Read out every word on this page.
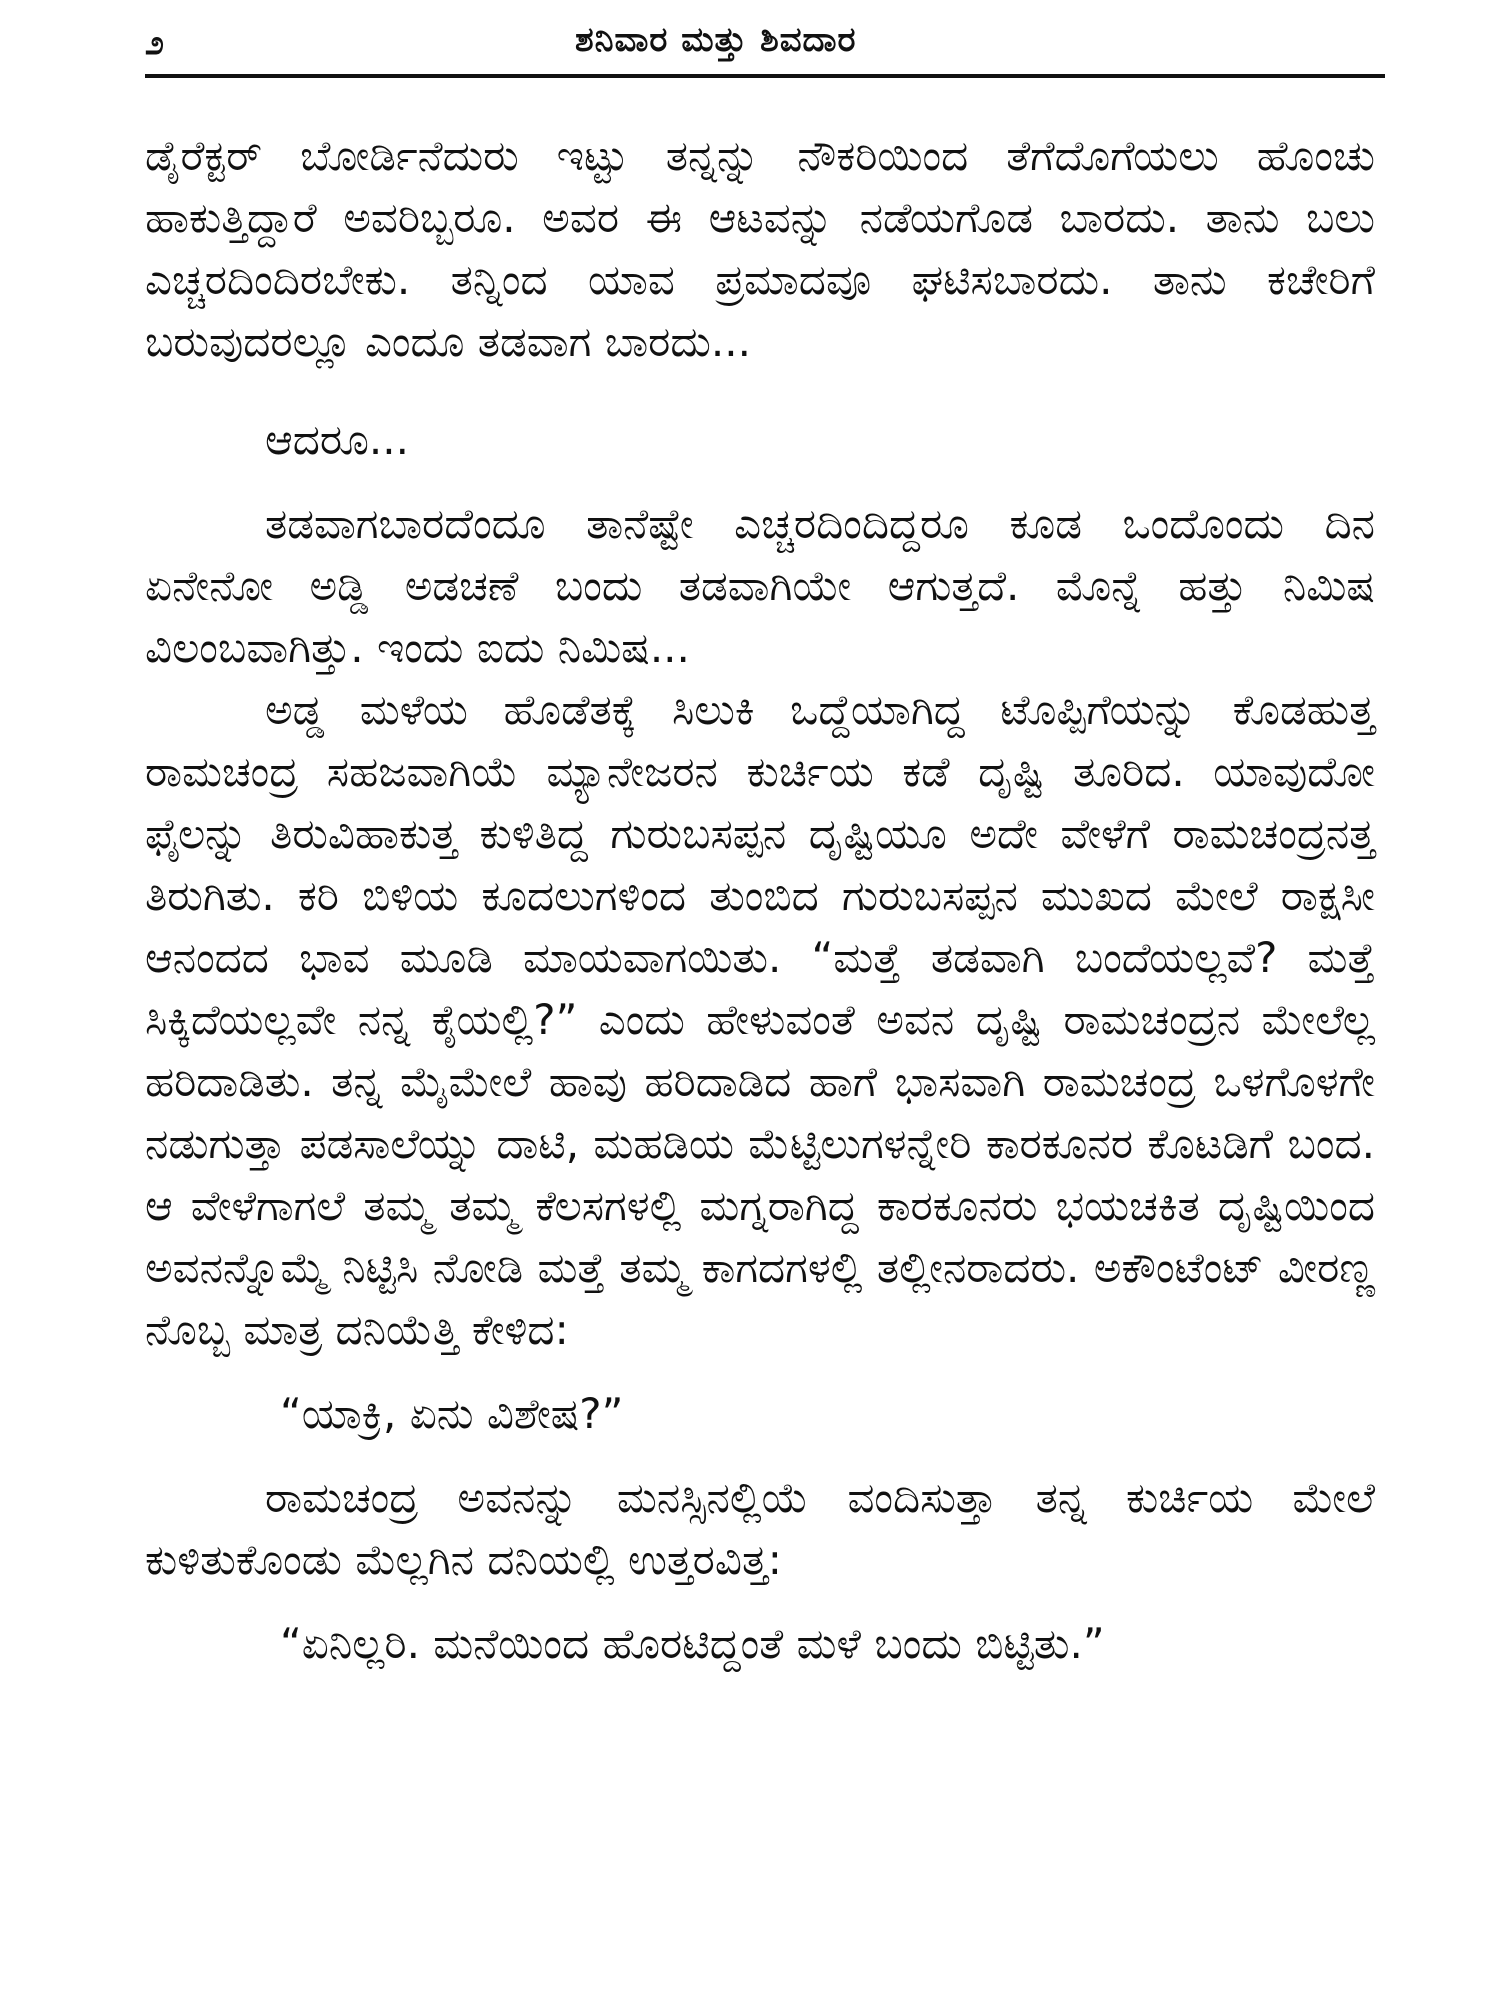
೨	ಶನಿವಾರ ಮತ್ತು ಶಿವದಾರ

ಡೈರೆಕ್ಟರ್ ಬೋರ್ಡಿನೆದುರು ಇಟ್ಟು ತನ್ನನ್ನು ನೌಕರಿಯಿಂದ ತೆಗೆದೊಗೆಯಲು ಹೊಂಚು ಹಾಕುತ್ತಿದ್ದಾರೆ ಅವರಿಬ್ಬರೂ. ಅವರ ಈ ಆಟವನ್ನು ನಡೆಯಗೊಡ ಬಾರದು. ತಾನು ಬಲು ಎಚ್ಚರದಿಂದಿರಬೇಕು. ತನ್ನಿಂದ ಯಾವ ಪ್ರಮಾದವೂ ಘಟಿಸಬಾರದು. ತಾನು ಕಚೇರಿಗೆ ಬರುವುದರಲ್ಲೂ ಎಂದೂ ತಡವಾಗ ಬಾರದು...

ಆದರೂ...

ತಡವಾಗಬಾರದೆಂದೂ ತಾನೆಷ್ಟೇ ಎಚ್ಚರದಿಂದಿದ್ದರೂ ಕೂಡ ಒಂದೊಂದು ದಿನ ಏನೇನೋ ಅಡ್ಡಿ ಅಡಚಣೆ ಬಂದು ತಡವಾಗಿಯೇ ಆಗುತ್ತದೆ. ಮೊನ್ನೆ ಹತ್ತು ನಿಮಿಷ ವಿಲಂಬವಾಗಿತ್ತು. ಇಂದು ಐದು ನಿಮಿಷ...

ಅಡ್ಡ ಮಳೆಯ ಹೊಡೆತಕ್ಕೆ ಸಿಲುಕಿ ಒದ್ದೆಯಾಗಿದ್ದ ಟೊಪ್ಪಿಗೆಯನ್ನು ಕೊಡಹುತ್ತ ರಾಮಚಂದ್ರ ಸಹಜವಾಗಿಯೆ ಮ್ಯಾನೇಜರನ ಕುರ್ಚಿಯ ಕಡೆ ದೃಷ್ಟಿ ತೂರಿದ. ಯಾವುದೋ ಫೈಲನ್ನು ತಿರುವಿಹಾಕುತ್ತ ಕುಳಿತಿದ್ದ ಗುರುಬಸಪ್ಪನ ದೃಷ್ಟಿಯೂ ಅದೇ ವೇಳೆಗೆ ರಾಮಚಂದ್ರನತ್ತ ತಿರುಗಿತು. ಕರಿ ಬಿಳಿಯ ಕೂದಲುಗಳಿಂದ ತುಂಬಿದ ಗುರುಬಸಪ್ಪನ ಮುಖದ ಮೇಲೆ ರಾಕ್ಷಸೀ ಆನಂದದ ಭಾವ ಮೂಡಿ ಮಾಯವಾಗಯಿತು. “ಮತ್ತೆ ತಡವಾಗಿ ಬಂದೆಯಲ್ಲವೆ? ಮತ್ತೆ ಸಿಕ್ಕಿದೆಯಲ್ಲವೇ ನನ್ನ ಕೈಯಲ್ಲಿ?” ಎಂದು ಹೇಳುವಂತೆ ಅವನ ದೃಷ್ಟಿ ರಾಮಚಂದ್ರನ ಮೇಲೆಲ್ಲ ಹರಿದಾಡಿತು. ತನ್ನ ಮೈಮೇಲೆ ಹಾವು ಹರಿದಾಡಿದ ಹಾಗೆ ಭಾಸವಾಗಿ ರಾಮಚಂದ್ರ ಒಳಗೊಳಗೇ ನಡುಗುತ್ತಾ ಪಡಸಾಲೆಯ್ನು ದಾಟಿ, ಮಹಡಿಯ ಮೆಟ್ಟಿಲುಗಳನ್ನೇರಿ ಕಾರಕೂನರ ಕೊಟಡಿಗೆ ಬಂದ. ಆ ವೇಳೆಗಾಗಲೆ ತಮ್ಮ ತಮ್ಮ ಕೆಲಸಗಳಲ್ಲಿ ಮಗ್ನರಾಗಿದ್ದ ಕಾರಕೂನರು ಭಯಚಕಿತ ದೃಷ್ಟಿಯಿಂದ ಅವನನ್ನೊಮ್ಮೆ ನಿಟ್ಟಿಸಿ ನೋಡಿ ಮತ್ತೆ ತಮ್ಮ ಕಾಗದಗಳಲ್ಲಿ ತಲ್ಲೀನರಾದರು. ಅಕೌಂಟೆಂಟ್ ವೀರಣ್ಣ ನೊಬ್ಬ ಮಾತ್ರ ದನಿಯೆತ್ತಿ ಕೇಳಿದ:

“ಯಾಕ್ರಿ, ಏನು ವಿಶೇಷ?”

ರಾಮಚಂದ್ರ ಅವನನ್ನು ಮನಸ್ಸಿನಲ್ಲಿಯೆ ವಂದಿಸುತ್ತಾ ತನ್ನ ಕುರ್ಚಿಯ ಮೇಲೆ ಕುಳಿತುಕೊಂಡು ಮೆಲ್ಲಗಿನ ದನಿಯಲ್ಲಿ ಉತ್ತರವಿತ್ತ:

“ಏನಿಲ್ಲರಿ. ಮನೆಯಿಂದ ಹೊರಟಿದ್ದಂತೆ ಮಳೆ ಬಂದು ಬಿಟ್ಟಿತು.”
